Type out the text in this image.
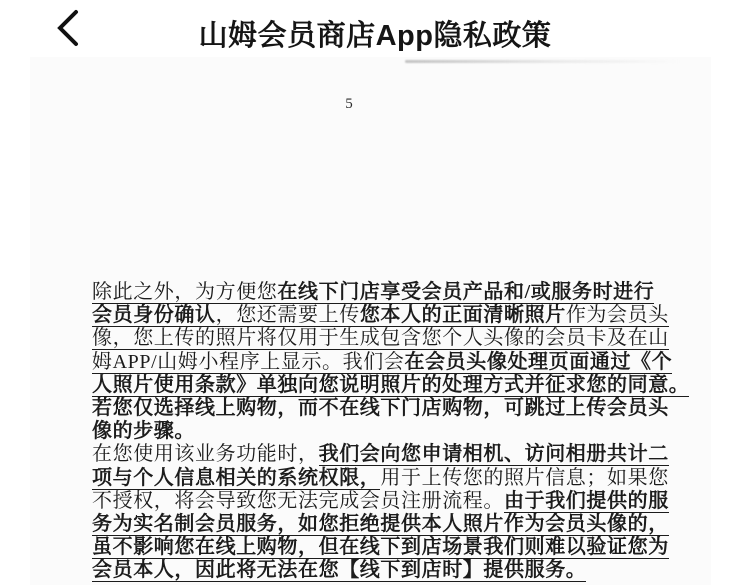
山姆会员商店App隐私政策
5
除此之外，为方便您在线下门店享受会员产品和/或服务时进行
会员身份确认，您还需要上传您本人的正面清晰照片作为会员头
像，您上传的照片将仅用于生成包含您个人头像的会员卡及在山
姆APP/山姆小程序上显示。我们会在会员头像处理页面通过《个
人照片使用条款》单独向您说明照片的处理方式并征求您的同意。
若您仅选择线上购物，而不在线下门店购物，可跳过上传会员头
像的步骤。
在您使用该业务功能时，我们会向您申请相机、访问相册共计二
项与个人信息相关的系统权限，用于上传您的照片信息；如果您
不授权，将会导致您无法完成会员注册流程。由于我们提供的服
务为实名制会员服务，如您拒绝提供本人照片作为会员头像的，
虽不影响您在线上购物，但在线下到店场景我们则难以验证您为
会员本人，因此将无法在您【线下到店时】提供服务。
